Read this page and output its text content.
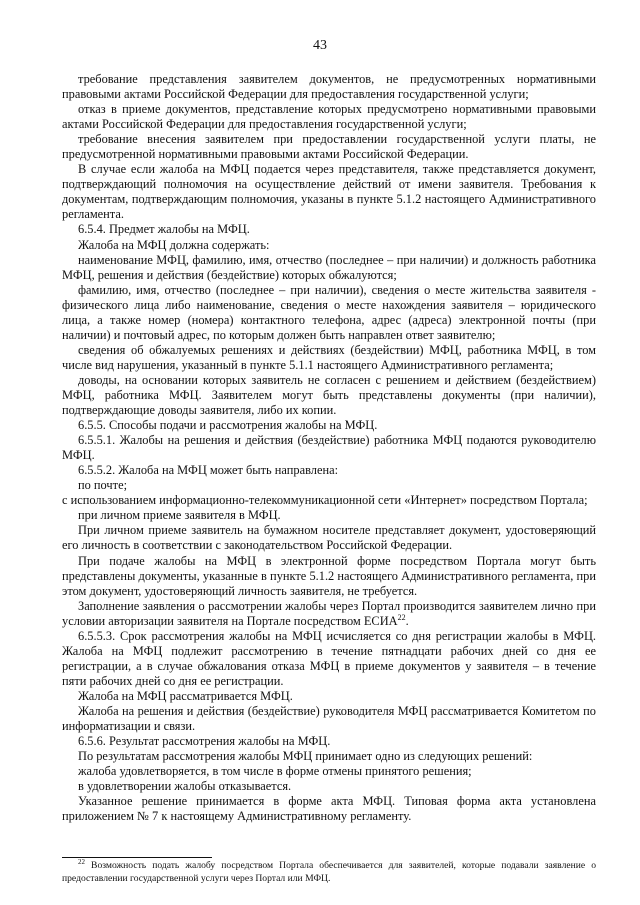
43

требование представления заявителем документов, не предусмотренных нормативными правовыми актами Российской Федерации для предоставления государственной услуги;

отказ в приеме документов, представление которых предусмотрено нормативными правовыми актами Российской Федерации для предоставления государственной услуги;

требование внесения заявителем при предоставлении государственной услуги платы, не предусмотренной нормативными правовыми актами Российской Федерации.

В случае если жалоба на МФЦ подается через представителя, также представляется документ, подтверждающий полномочия на осуществление действий от имени заявителя. Требования к документам, подтверждающим полномочия, указаны в пункте 5.1.2 настоящего Административного регламента.

6.5.4. Предмет жалобы на МФЦ.

Жалоба на МФЦ должна содержать:

наименование МФЦ, фамилию, имя, отчество (последнее – при наличии) и должность работника МФЦ, решения и действия (бездействие) которых обжалуются;

фамилию, имя, отчество (последнее – при наличии), сведения о месте жительства заявителя - физического лица либо наименование, сведения о месте нахождения заявителя – юридического лица, а также номер (номера) контактного телефона, адрес (адреса) электронной почты (при наличии) и почтовый адрес, по которым должен быть направлен ответ заявителю;

сведения об обжалуемых решениях и действиях (бездействии) МФЦ, работника МФЦ, в том числе вид нарушения, указанный в пункте 5.1.1 настоящего Административного регламента;

доводы, на основании которых заявитель не согласен с решением и действием (бездействием) МФЦ, работника МФЦ. Заявителем могут быть представлены документы (при наличии), подтверждающие доводы заявителя, либо их копии.

6.5.5. Способы подачи и рассмотрения жалобы на МФЦ.

6.5.5.1. Жалобы на решения и действия (бездействие) работника МФЦ подаются руководителю МФЦ.

6.5.5.2. Жалоба на МФЦ может быть направлена:

по почте;

с использованием информационно-телекоммуникационной сети «Интернет» посредством Портала;

при личном приеме заявителя в МФЦ.

При личном приеме заявитель на бумажном носителе представляет документ, удостоверяющий его личность в соответствии с законодательством Российской Федерации.

При подаче жалобы на МФЦ в электронной форме посредством Портала могут быть представлены документы, указанные в пункте 5.1.2 настоящего Административного регламента, при этом документ, удостоверяющий личность заявителя, не требуется.

Заполнение заявления о рассмотрении жалобы через Портал производится заявителем лично при условии авторизации заявителя на Портале посредством ЕСИА$^{22}$.

6.5.5.3. Срок рассмотрения жалобы на МФЦ исчисляется со дня регистрации жалобы в МФЦ. Жалоба на МФЦ подлежит рассмотрению в течение пятнадцати рабочих дней со дня ее регистрации, а в случае обжалования отказа МФЦ в приеме документов у заявителя – в течение пяти рабочих дней со дня ее регистрации.

Жалоба на МФЦ рассматривается МФЦ.

Жалоба на решения и действия (бездействие) руководителя МФЦ рассматривается Комитетом по информатизации и связи.

6.5.6. Результат рассмотрения жалобы на МФЦ.

По результатам рассмотрения жалобы МФЦ принимает одно из следующих решений:

жалоба удовлетворяется, в том числе в форме отмены принятого решения;

в удовлетворении жалобы отказывается.

Указанное решение принимается в форме акта МФЦ. Типовая форма акта установлена приложением № 7 к настоящему Административному регламенту.

$^{22}$ Возможность подать жалобу посредством Портала обеспечивается для заявителей, которые подавали заявление о предоставлении государственной услуги через Портал или МФЦ.
